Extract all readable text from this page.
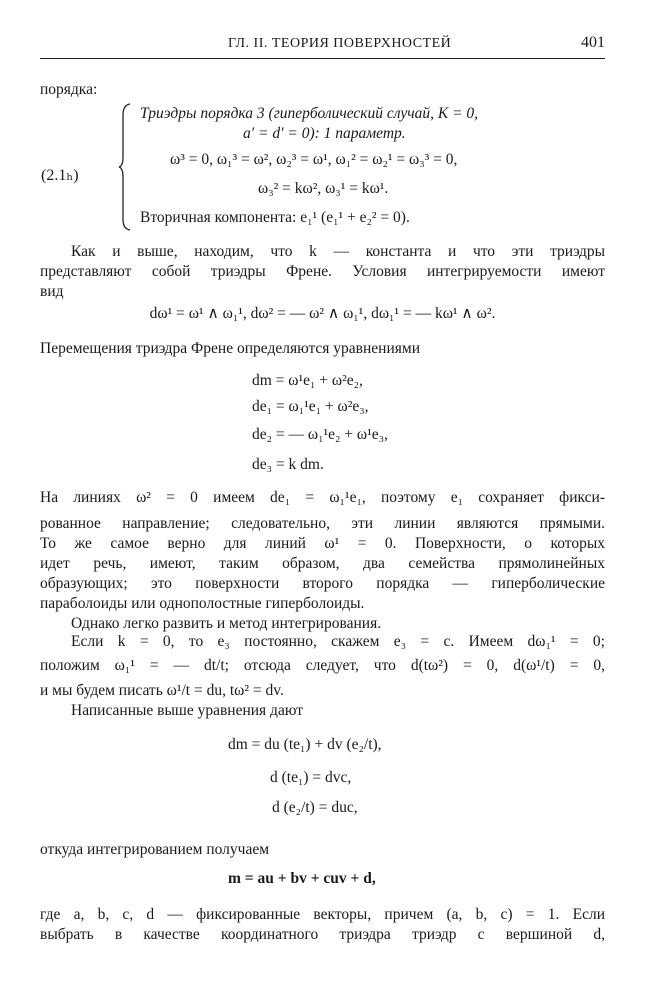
ГЛ. II. ТЕОРИЯ ПОВЕРХНОСТЕЙ	401
порядка:
(2.1ₕ)
Триэдры порядка 3 (гиперболический случай, K = 0,
a′ = d′ = 0): 1 параметр.
ω³ = 0, ω₁³ = ω², ω₂³ = ω¹, ω₁² = ω₂¹ = ω₃³ = 0,
ω₃² = kω², ω₃¹ = kω¹.
Вторичная компонента: e₁¹ (e₁¹ + e₂² = 0).
Как и выше, находим, что k — константа и что эти триэдры
представляют собой триэдры Френе. Условия интегрируемости имеют
вид
dω¹ = ω¹ ∧ ω₁¹, dω² = — ω² ∧ ω₁¹, dω₁¹ = — kω¹ ∧ ω².
Перемещения триэдра Френе определяются уравнениями
dm = ω¹e₁ + ω²e₂,
de₁ = ω₁¹e₁ + ω²e₃,
de₂ = — ω₁¹e₂ + ω¹e₃,
de₃ = k dm.
На линиях ω² = 0 имеем de₁ = ω₁¹e₁, поэтому e₁ сохраняет фикси-
рованное направление; следовательно, эти линии являются прямыми.
То же самое верно для линий ω¹ = 0. Поверхности, о которых
идет речь, имеют, таким образом, два семейства прямолинейных
образующих; это поверхности второго порядка — гиперболические
параболоиды или однополостные гиперболоиды.
Однако легко развить и метод интегрирования.
Если k = 0, то e₃ постоянно, скажем e₃ = c. Имеем dω₁¹ = 0;
положим ω₁¹ = — dt/t; отсюда следует, что d(tω²) = 0, d(ω¹/t) = 0,
и мы будем писать ω¹/t = du, tω² = dv.
Написанные выше уравнения дают
dm = du (te₁) + dv (e₂/t),
d (te₁) = dvc,
d (e₂/t) = duc,
откуда интегрированием получаем
m = au + bv + cuv + d,
где a, b, c, d — фиксированные векторы, причем (a, b, c) = 1. Если
выбрать в качестве координатного триэдра триэдр с вершиной d,
